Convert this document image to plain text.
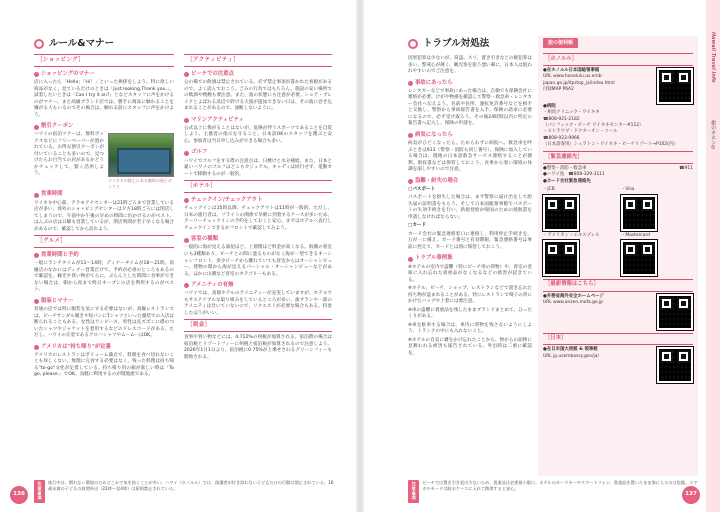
ルール&マナー
［ショッピング］
ショッピングのマナー

店に入ったら「Hello」「Hi！」といった挨拶をしよう。特に欲しい商品がなく、見ているだけのときは「Just looking.Thank you.」。試着したいときは「Can I try it on?」となどスタッフに声をかけるのがマナー。また高級ブランド店では、勝手に商品に触れることを嫌がる人もいるのでその場合は、触れる前にスタッフに声をかけよう。

割引クーポン
ワイキキの路上にある無料の冊子ボックス

ハワイの宿泊ツアーは、無料ボックスなどにフリーペーパーが置かれている。お得な割引クーポンが付いていることも多いので、見つけたらお目当ての店があるかどうかチェックして、賢く活用しよう。

営業時間

ワイキキ中心部、アラモアナセンターは21時ごろまで営業している店が多い。郊外のショッピングセンターは夕方18時ごろには閉店してしまうので、午前中か午後の早めの時間に出かけるのがベスト。はんぶの店は日曜も営業しているが、閉店時間が若干早くなる場合があるので、確認してから訪れよう。

［グルメ］
営業時間と予約

一般にランチタイムが11〜14時、ディナータイムが18〜21時。高級店のなかにはディナー営業だけで、予約が必須のところもあるので確認を。観光や買い物がてらに、ぶらんとした時間に食事ができない場合は、朝から夜まで終日オープンの店を利用するのがベスト。

服装とマナー

普通の店では特に服装を気にする必要はないが、高級レストランでは、ビーチサンダル履きや短パンにTシャツといった服装での入店は断られることもある。女性はワンピース、男性は長ズボンに襟のついたシャツやジャケットを着用するなどのドレスコードがある。ただし、ハワイの正装であるアロハシャツやムームーはOK。

アメリカは"持ち帰り"が定番

アメリカのレストランはボリューム満点で、料理を食べ切れないことも珍しくない。無理に完食する必要はなく、残った料理は持ち帰る"to-go"文化が定着している。持ち帰り用の箱が欲しい時は「To go, please.」でOK。気軽に利用するのが現地流である。

［アクティビティ］
ビーチでの注意点

公の場での飲酒は禁止されている。必ず禁止事項が書かれた看板があるので、よく読んでおこう。ごみの行為ではもちろん、施設の安い場所での飲酒や喫煙も要注意。また、波の状態にも注意が必要。ショア・ブレイクとよばれる浜辺で砕ける大波が遊泳できない日は、その波に巻き込まれることがあるので、油断しないように。

マリンアクティビティ

公式以上に怖がることはないが、危険が伴うスポーツであることを自覚しよう。主催者の指示を守ること。日本語OKのスタッフを選ぶと安心。参加者は当日申し込みができる場合も多い。

ゴルフ

ハワイでゴルフをする際の注意点は、日焼けと水分補給。また、日本と違いハワイのゴルフはどこもカジュアル。キャディは同行せず、電動カートで移動するのが一般的。

［ホテル］
チェックイン/チェックアウト

チェックインは15時以降、チェックアウトは11時が一般的。ただし、日本の旅行者は、フライトの関係で早朝に到着するケースが多いため、アーリーチェックインの予約をしておくと安心。まずはホテルへ直行しチェックインできるかフロントで確認してみよう。

客室の種類

一般的に海が見える部屋ほど、上層階ほど料金が高くなる。海側の客室にも3種類あり、ビーチとの間に遮るものがなく海が一望できるオーシャンフロント、多少ビーチから離れていても客室からはオーシャンビュー、建物の間から海が見えるパーシャル・オーシャンビューなどがある。ほかに山側など客室のカテゴリーもある。

アメニティの有無

ハワイでは、高層ホテルのアメニティーが充実していますが、ホテルでもサステナブルな取り組みをしているところが多い。歯ブラシや一部のアメニティは付いていないので、リクエストが必要な場合もある。持参したほうがいい。

［税金］

食事や買い物などには、4.712%の州税が加算される。宿泊費の場合は宿泊税とリゾートフィーに州税と宿泊税が加算されるので注意しよう。2026年1月1日より、宿泊税に0.75%が上乗せされるグリーンフィーも開始される。

注意事項
旅行中は、慣れない環境のためどこかで気を抜くことが多い。ハワイ（ホノルル）では、保護者が付き添わない子どもだけの行動は禁止されている。16歳未満の子どもの夜間外出（22時〜翌4時）は原則禁止されている。
136
Hawaii Travel Info
旅のキホン①
137
トラブル対処法

因果犯罪は少ないが、窃盗、スリ、置き引きなどの軽犯罪は多い。警戒心が薄く、観光客を狙う悪い輩に、日本人は狙われやすいのでご注意を。

事故にあったら

レンタカーなどで事故にあった場合は、自損でも保険会社に連絡が必要。けがや物損を確認して警察・救急車・レンタカー会社へ伝えよう。名前や住所、運転免許番号などを相手と交換し、警察から事故報告書を入手、保険の請求に必要になるので、必ず受け取ろう。その後24時間以内に所定の報告書へ記入し、保険の申請を。

病気になったら

病気がひどくなったら、ためらわずに病院へ。救急車を呼ぶときは911（警察・消防も同じ番号）。保険に加入している場合は、現地の日本語救急サービス連絡することが便利。領収書などは保管しておこう。食事から寒い環境の体調を崩しやすいので注意。

盗難・紛失の場合

□パスポート

パスポートを紛失した場合は、まず警察に届け出をして紛失届の証明書をもらう。そして日本国総領事館でパスポートの失効手続きを行い、新規発給か帰国のための渡航書を申請しなければならない。

□カード

カード会社の緊急連絡窓口に連絡し、利用停止手続きを。万が一に備え、カード番号と有効期限、緊急連絡番号は事前に控えて、カードとは別に保管しておこう。

トラブル事例集

※ホテルの室内で盗難（特にビーチ用の荷物）や、客室の金庫に入れ忘れた貴重品がなくなるなどの被害が起きている。

※ホテル、ビーチ、ショップ、レストランなどで置き忘れた持ち物が盗まれることがある。特にレストランで椅子の背にかけたバッグや上着には要注意。

※車の盗難に貴重品を残したままブランドまとめて、ひったくりがある。

※車を駐車する場合は、車内に荷物を残さないようにしよう。トランクの中にも入れないこと。

※ホテルの自室に鍵をかけ忘れたことから、物からの泥棒に見舞われる被害も報告されている。外出時は二重に確認を。

旅の便利帳
［ホノルル］
●在ホノルル日本国総領事館
URL www.honolulu.us.emb-japan.go.jp/itprtop_ja/index.html
付録MAP P6A2
●病院
・相馬クリニック・ワイキキ
☎808-921-2182
（パシフィック・ビーチ ワイキキセンター#112）
・ストラウブ・ドクターオン・コール
☎808-923-9966
（日本語専用）シェラトン・ワイキキ・ビーチリゾート→P102(内)
［緊急連絡先］
●警察・消防・救急車	☎911
●ハワイ島 ☎808-329-3111
●カード会社緊急連絡先
・JCB	・Visa
・アメリカン・エキスプレス	・Mastercard
［最新情報はこちら］
●外務省海外安全ホームページ
URL www.anzen.mofa.go.jp
［日本］
●在日米国大使館 & 領事館
URL jp.usembassy.gov/ja/
注意事項
ビーチでは置き引き犯は少ないため、貴重品は必要最小限に。ホテルのカードキーやスマートフォン、貴重品を置いたまま海に入るのは危険。スマホやカードは防水ケースに入れて携帯すると安心。
